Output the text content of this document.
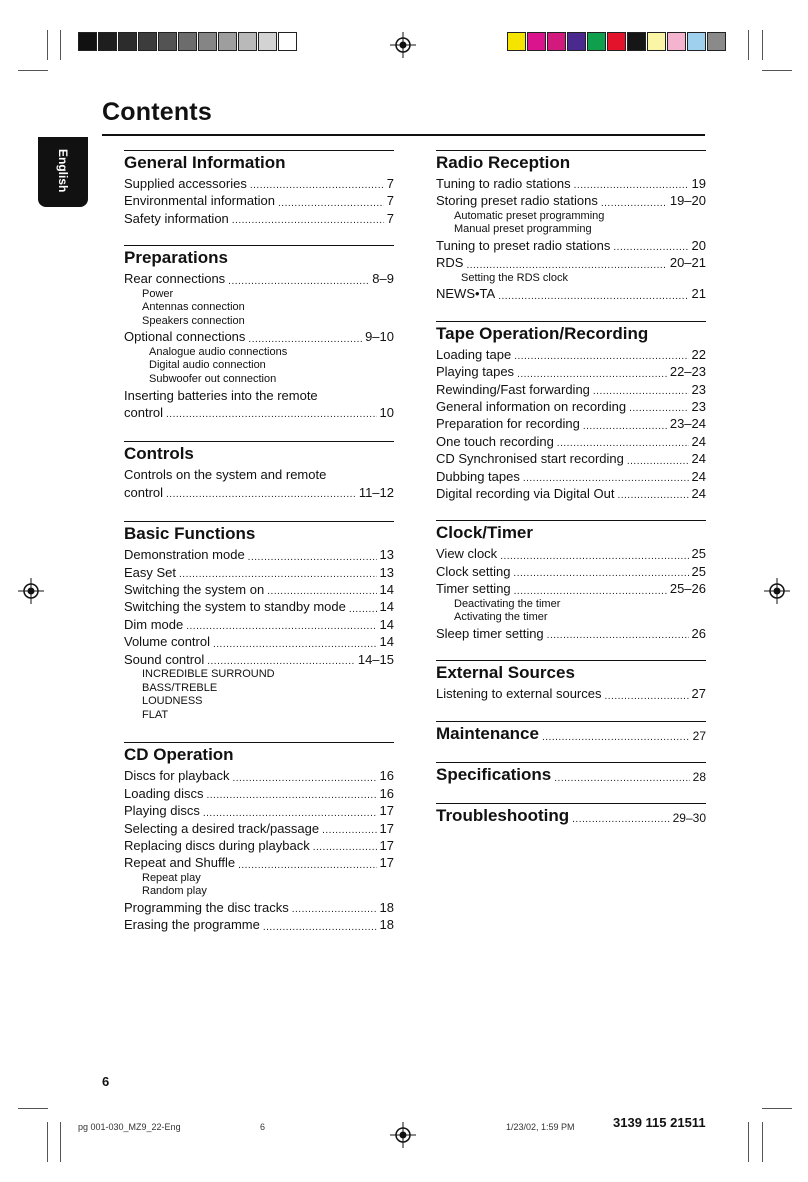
English
Contents
General Information
Supplied accessories .....	7
Environmental information .....	7
Safety information .....	7
Preparations
Rear connections .....	8–9
Power
Antennas connection
Speakers connection
Optional connections .....	9–10
Analogue audio connections
Digital audio connection
Subwoofer out connection
Inserting batteries into the remote
control .....	10
Controls
Controls on the system and remote
control .....	11–12
Basic Functions
Demonstration mode .....	13
Easy Set .....	13
Switching the system on .....	14
Switching the system to standby mode .....	14
Dim mode .....	14
Volume control .....	14
Sound control .....	14–15
INCREDIBLE SURROUND
BASS/TREBLE
LOUDNESS
FLAT
CD Operation
Discs for playback .....	16
Loading discs .....	16
Playing discs .....	17
Selecting a desired track/passage .....	17
Replacing discs during playback .....	17
Repeat and Shuffle .....	17
Repeat play
Random play
Programming the disc tracks .....	18
Erasing the programme .....	18
Radio Reception
Tuning to radio stations .....	19
Storing preset radio stations .....	19–20
Automatic preset programming
Manual preset programming
Tuning to preset radio stations .....	20
RDS .....	20–21
Setting the RDS clock
NEWS•TA .....	21
Tape Operation/Recording
Loading tape .....	22
Playing tapes .....	22–23
Rewinding/Fast forwarding .....	23
General information on recording .....	23
Preparation for recording .....	23–24
One touch recording .....	24
CD Synchronised start recording .....	24
Dubbing tapes .....	24
Digital recording via Digital Out .....	24
Clock/Timer
View clock .....	25
Clock setting .....	25
Timer setting .....	25–26
Deactivating the timer
Activating the timer
Sleep timer setting .....	26
External Sources
Listening to external sources .....	27
Maintenance .....	27
Specifications .....	28
Troubleshooting .....	29–30
6
pg 001-030_MZ9_22-Eng	6	1/23/02, 1:59 PM	3139 115 21511
